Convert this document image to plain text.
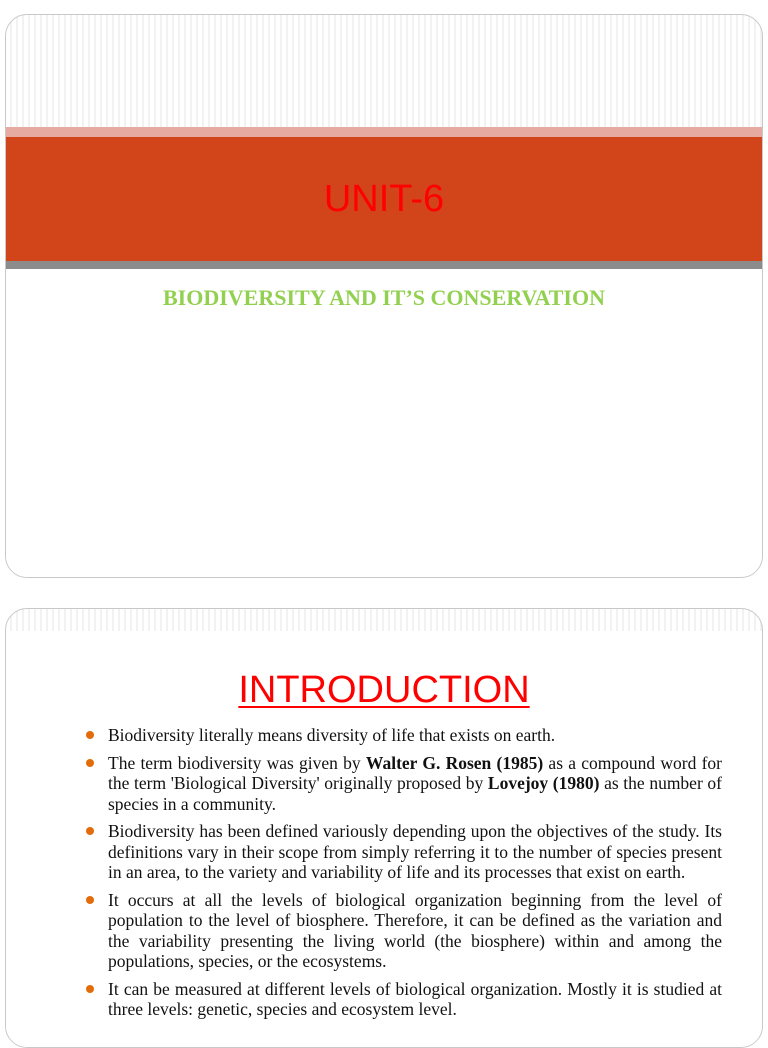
UNIT-6
BIODIVERSITY AND IT’S CONSERVATION
INTRODUCTION
Biodiversity literally means diversity of life that exists on earth.
The term biodiversity was given by Walter G. Rosen (1985) as a compound word for the term 'Biological Diversity' originally proposed by Lovejoy (1980) as the number of species in a community.
Biodiversity has been defined variously depending upon the objectives of the study. Its definitions vary in their scope from simply referring it to the number of species present in an area, to the variety and variability of life and its processes that exist on earth.
It occurs at all the levels of biological organization beginning from the level of population to the level of biosphere. Therefore, it can be defined as the variation and the variability presenting the living world (the biosphere) within and among the populations, species, or the ecosystems.
It can be measured at different levels of biological organization. Mostly it is studied at three levels: genetic, species and ecosystem level.
